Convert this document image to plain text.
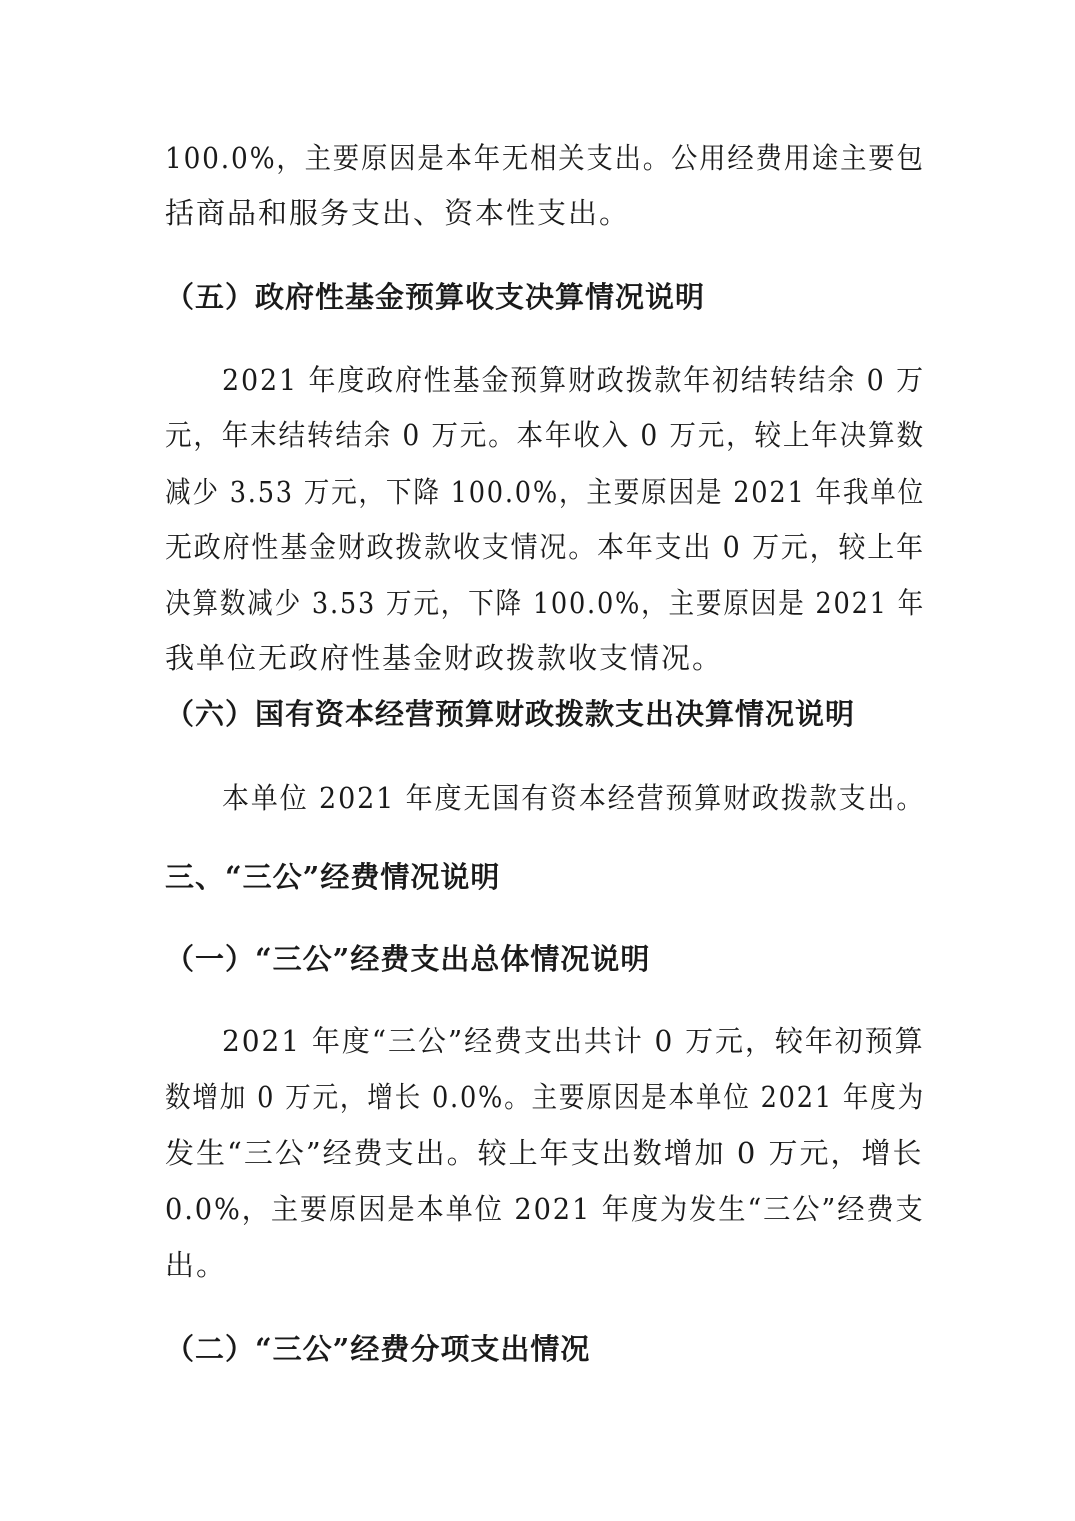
100.0%，主要原因是本年无相关支出。公用经费用途主要包
括商品和服务支出、资本性支出。
（五）政府性基金预算收支决算情况说明
2021 年度政府性基金预算财政拨款年初结转结余 0 万
元，年末结转结余 0 万元。本年收入 0 万元，较上年决算数
减少 3.53 万元，下降 100.0%，主要原因是 2021 年我单位
无政府性基金财政拨款收支情况。本年支出 0 万元，较上年
决算数减少 3.53 万元，下降 100.0%，主要原因是 2021 年
我单位无政府性基金财政拨款收支情况。
（六）国有资本经营预算财政拨款支出决算情况说明
本单位 2021 年度无国有资本经营预算财政拨款支出。
三、“三公”经费情况说明
（一）“三公”经费支出总体情况说明
2021 年度“三公”经费支出共计 0 万元，较年初预算
数增加 0 万元，增长 0.0%。主要原因是本单位 2021 年度为
发生“三公”经费支出。较上年支出数增加 0 万元，增长
0.0%，主要原因是本单位 2021 年度为发生“三公”经费支
出。
（二）“三公”经费分项支出情况
